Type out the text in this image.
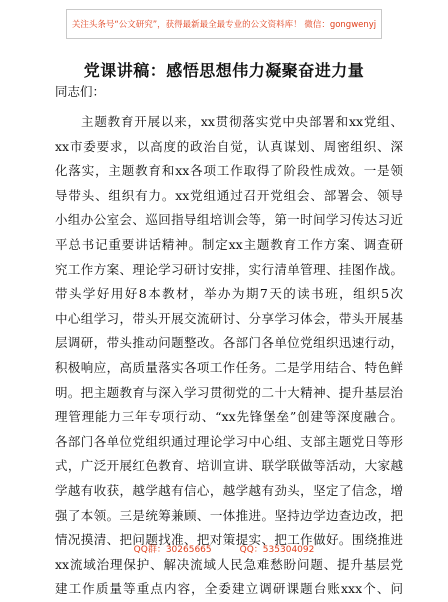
关注头条号“公文研究”，获得最新最全最专业的公文资料库！ 微信：gongwenyj
党课讲稿：感悟思想伟力凝聚奋进力量
同志们：
主题教育开展以来，xx贯彻落实党中央部署和xx党组、
xx市委要求，以高度的政治自觉，认真谋划、周密组织、深
化落实，主题教育和xx各项工作取得了阶段性成效。一是领
导带头、组织有力。xx党组通过召开党组会、部署会、领导
小组办公室会、巡回指导组培训会等，第一时间学习传达习近
平总书记重要讲话精神。制定xx主题教育工作方案、调查研
究工作方案、理论学习研讨安排，实行清单管理、挂图作战。
带头学好用好8本教材，举办为期7天的读书班，组织5次
中心组学习，带头开展交流研讨、分享学习体会，带头开展基
层调研，带头推动问题整改。各部门各单位党组织迅速行动，
积极响应，高质量落实各项工作任务。二是学用结合、特色鲜
明。把主题教育与深入学习贯彻党的二十大精神、提升基层治
理管理能力三年专项行动、“xx先锋堡垒”创建等深度融合。
各部门各单位党组织通过理论学习中心组、支部主题党日等形
式，广泛开展红色教育、培训宣讲、联学联做等活动，大家越
学越有收获，越学越有信心，越学越有劲头，坚定了信念，增
强了本领。三是统筹兼顾、一体推进。坚持边学边查边改，把
情况摸清、把问题找准、把对策提实、把工作做好。围绕推进
xx流域治理保护、解决流域人民急难愁盼问题、提升基层党
建工作质量等重点内容，全委建立调研课题台账xxx个、问
QQ群：30265665	QQ：535304092
